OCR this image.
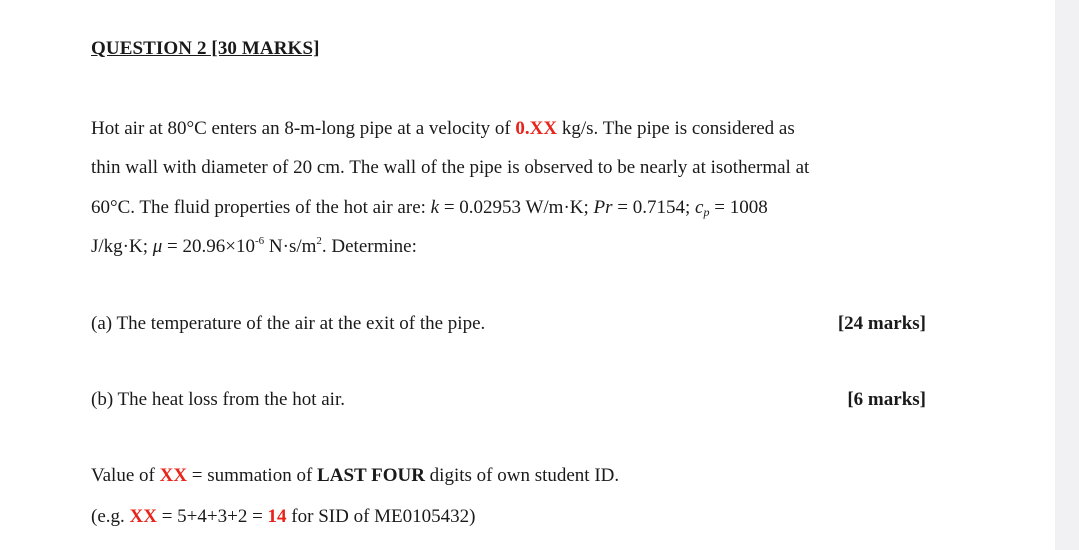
QUESTION 2 [30 MARKS]
Hot air at 80°C enters an 8-m-long pipe at a velocity of 0.XX kg/s. The pipe is considered as
thin wall with diameter of 20 cm. The wall of the pipe is observed to be nearly at isothermal at
60°C. The fluid properties of the hot air are: k = 0.02953 W/m·K; Pr = 0.7154; $c_p = 1008$
J/kg·K; $\mu = 20.96\times 10^{-6}$ $N\cdot s/m^2$. Determine:
(a) The temperature of the air at the exit of the pipe.	[24 marks]
(b) The heat loss from the hot air.	[6 marks]
Value of XX = summation of LAST FOUR digits of own student ID.
(e.g. XX = 5+4+3+2 = 14 for SID of ME0105432)
